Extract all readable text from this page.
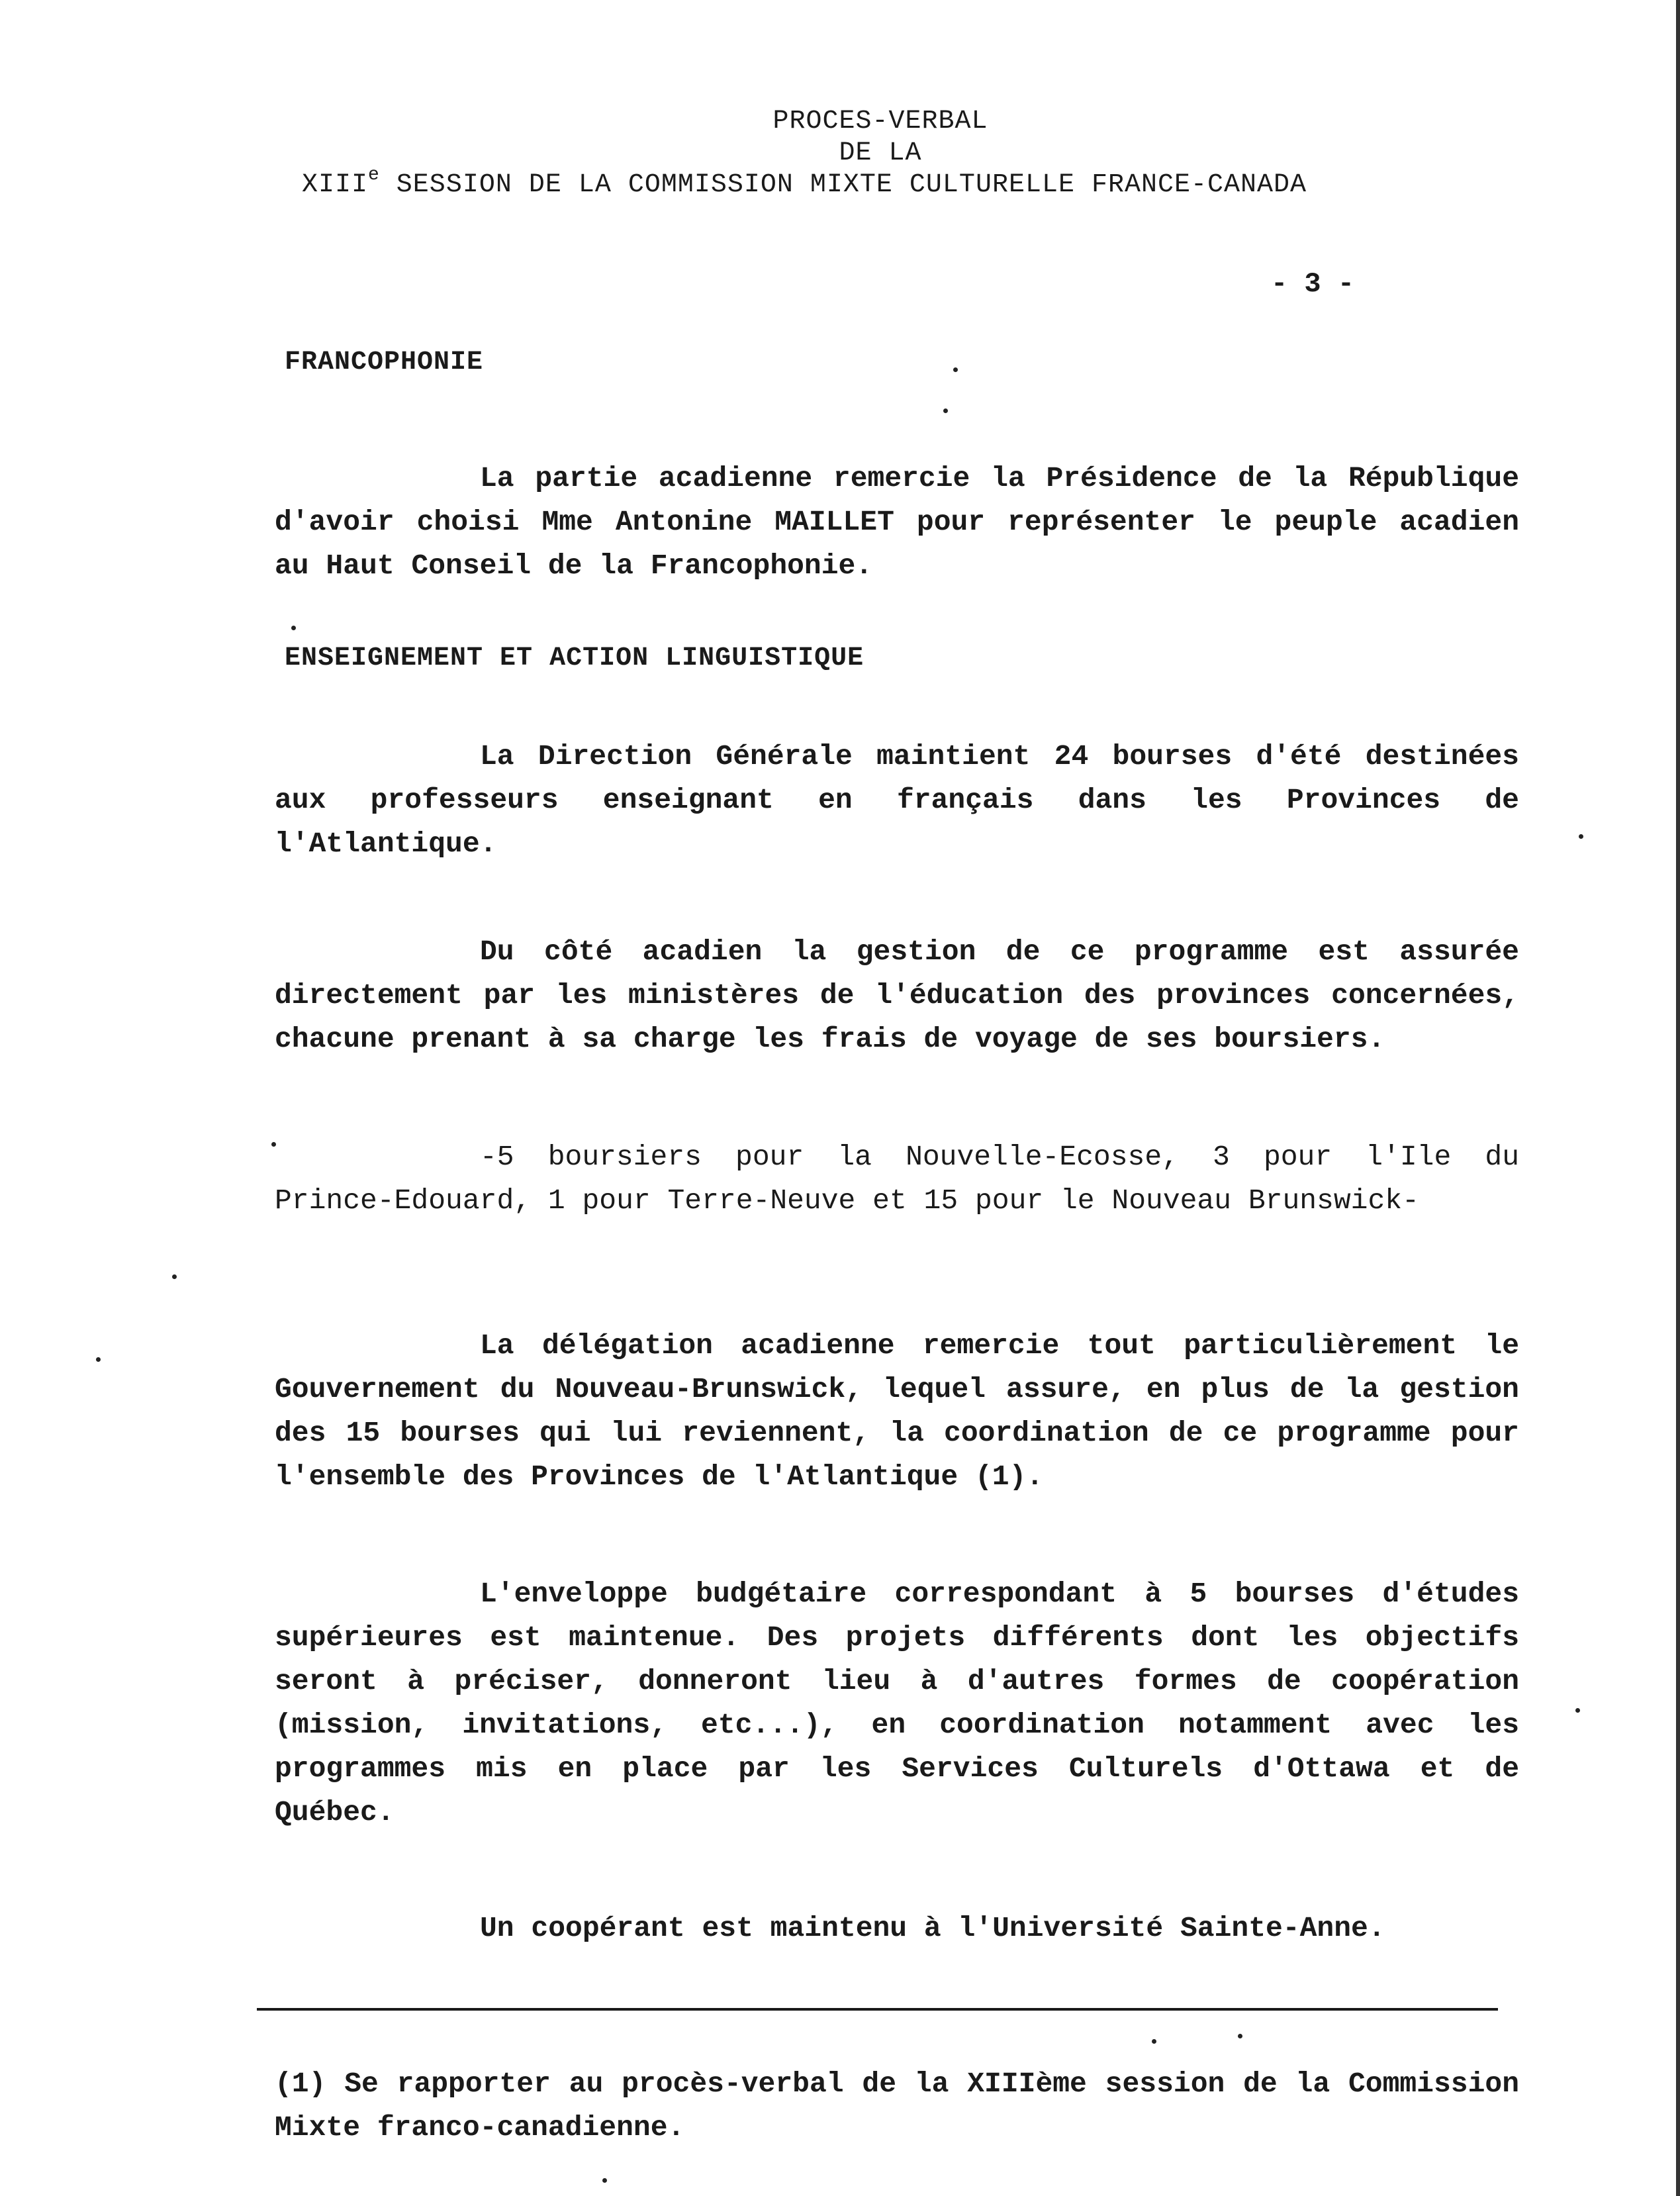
PROCES-VERBAL
DE LA
XIIIe SESSION DE LA COMMISSION MIXTE CULTURELLE FRANCE-CANADA
- 3 -
FRANCOPHONIE

La partie acadienne remercie la Présidence de la République d'avoir choisi Mme Antonine MAILLET pour représenter le peuple acadien au Haut Conseil de la Francophonie.

ENSEIGNEMENT ET ACTION LINGUISTIQUE

La Direction Générale maintient 24 bourses d'été destinées aux professeurs enseignant en français dans les Provinces de l'Atlantique.

Du côté acadien la gestion de ce programme est assurée directement par les ministères de l'éducation des provinces concernées, chacune prenant à sa charge les frais de voyage de ses boursiers.

-5 boursiers pour la Nouvelle-Ecosse, 3 pour l'Ile du Prince-Edouard, 1 pour Terre-Neuve et 15 pour le Nouveau Brunswick-

La délégation acadienne remercie tout particulièrement le Gouvernement du Nouveau-Brunswick, lequel assure, en plus de la gestion des 15 bourses qui lui reviennent, la coordination de ce programme pour l'ensemble des Provinces de l'Atlantique (1).

L'enveloppe budgétaire correspondant à 5 bourses d'études supérieures est maintenue. Des projets différents dont les objectifs seront à préciser, donneront lieu à d'autres formes de coopération (mission, invitations, etc...), en coordination notamment avec les programmes mis en place par les Services Culturels d'Ottawa et de Québec.

Un coopérant est maintenu à l'Université Sainte-Anne.

(1) Se rapporter au procès-verbal de la XIIIème session de la Commission Mixte franco-canadienne.
